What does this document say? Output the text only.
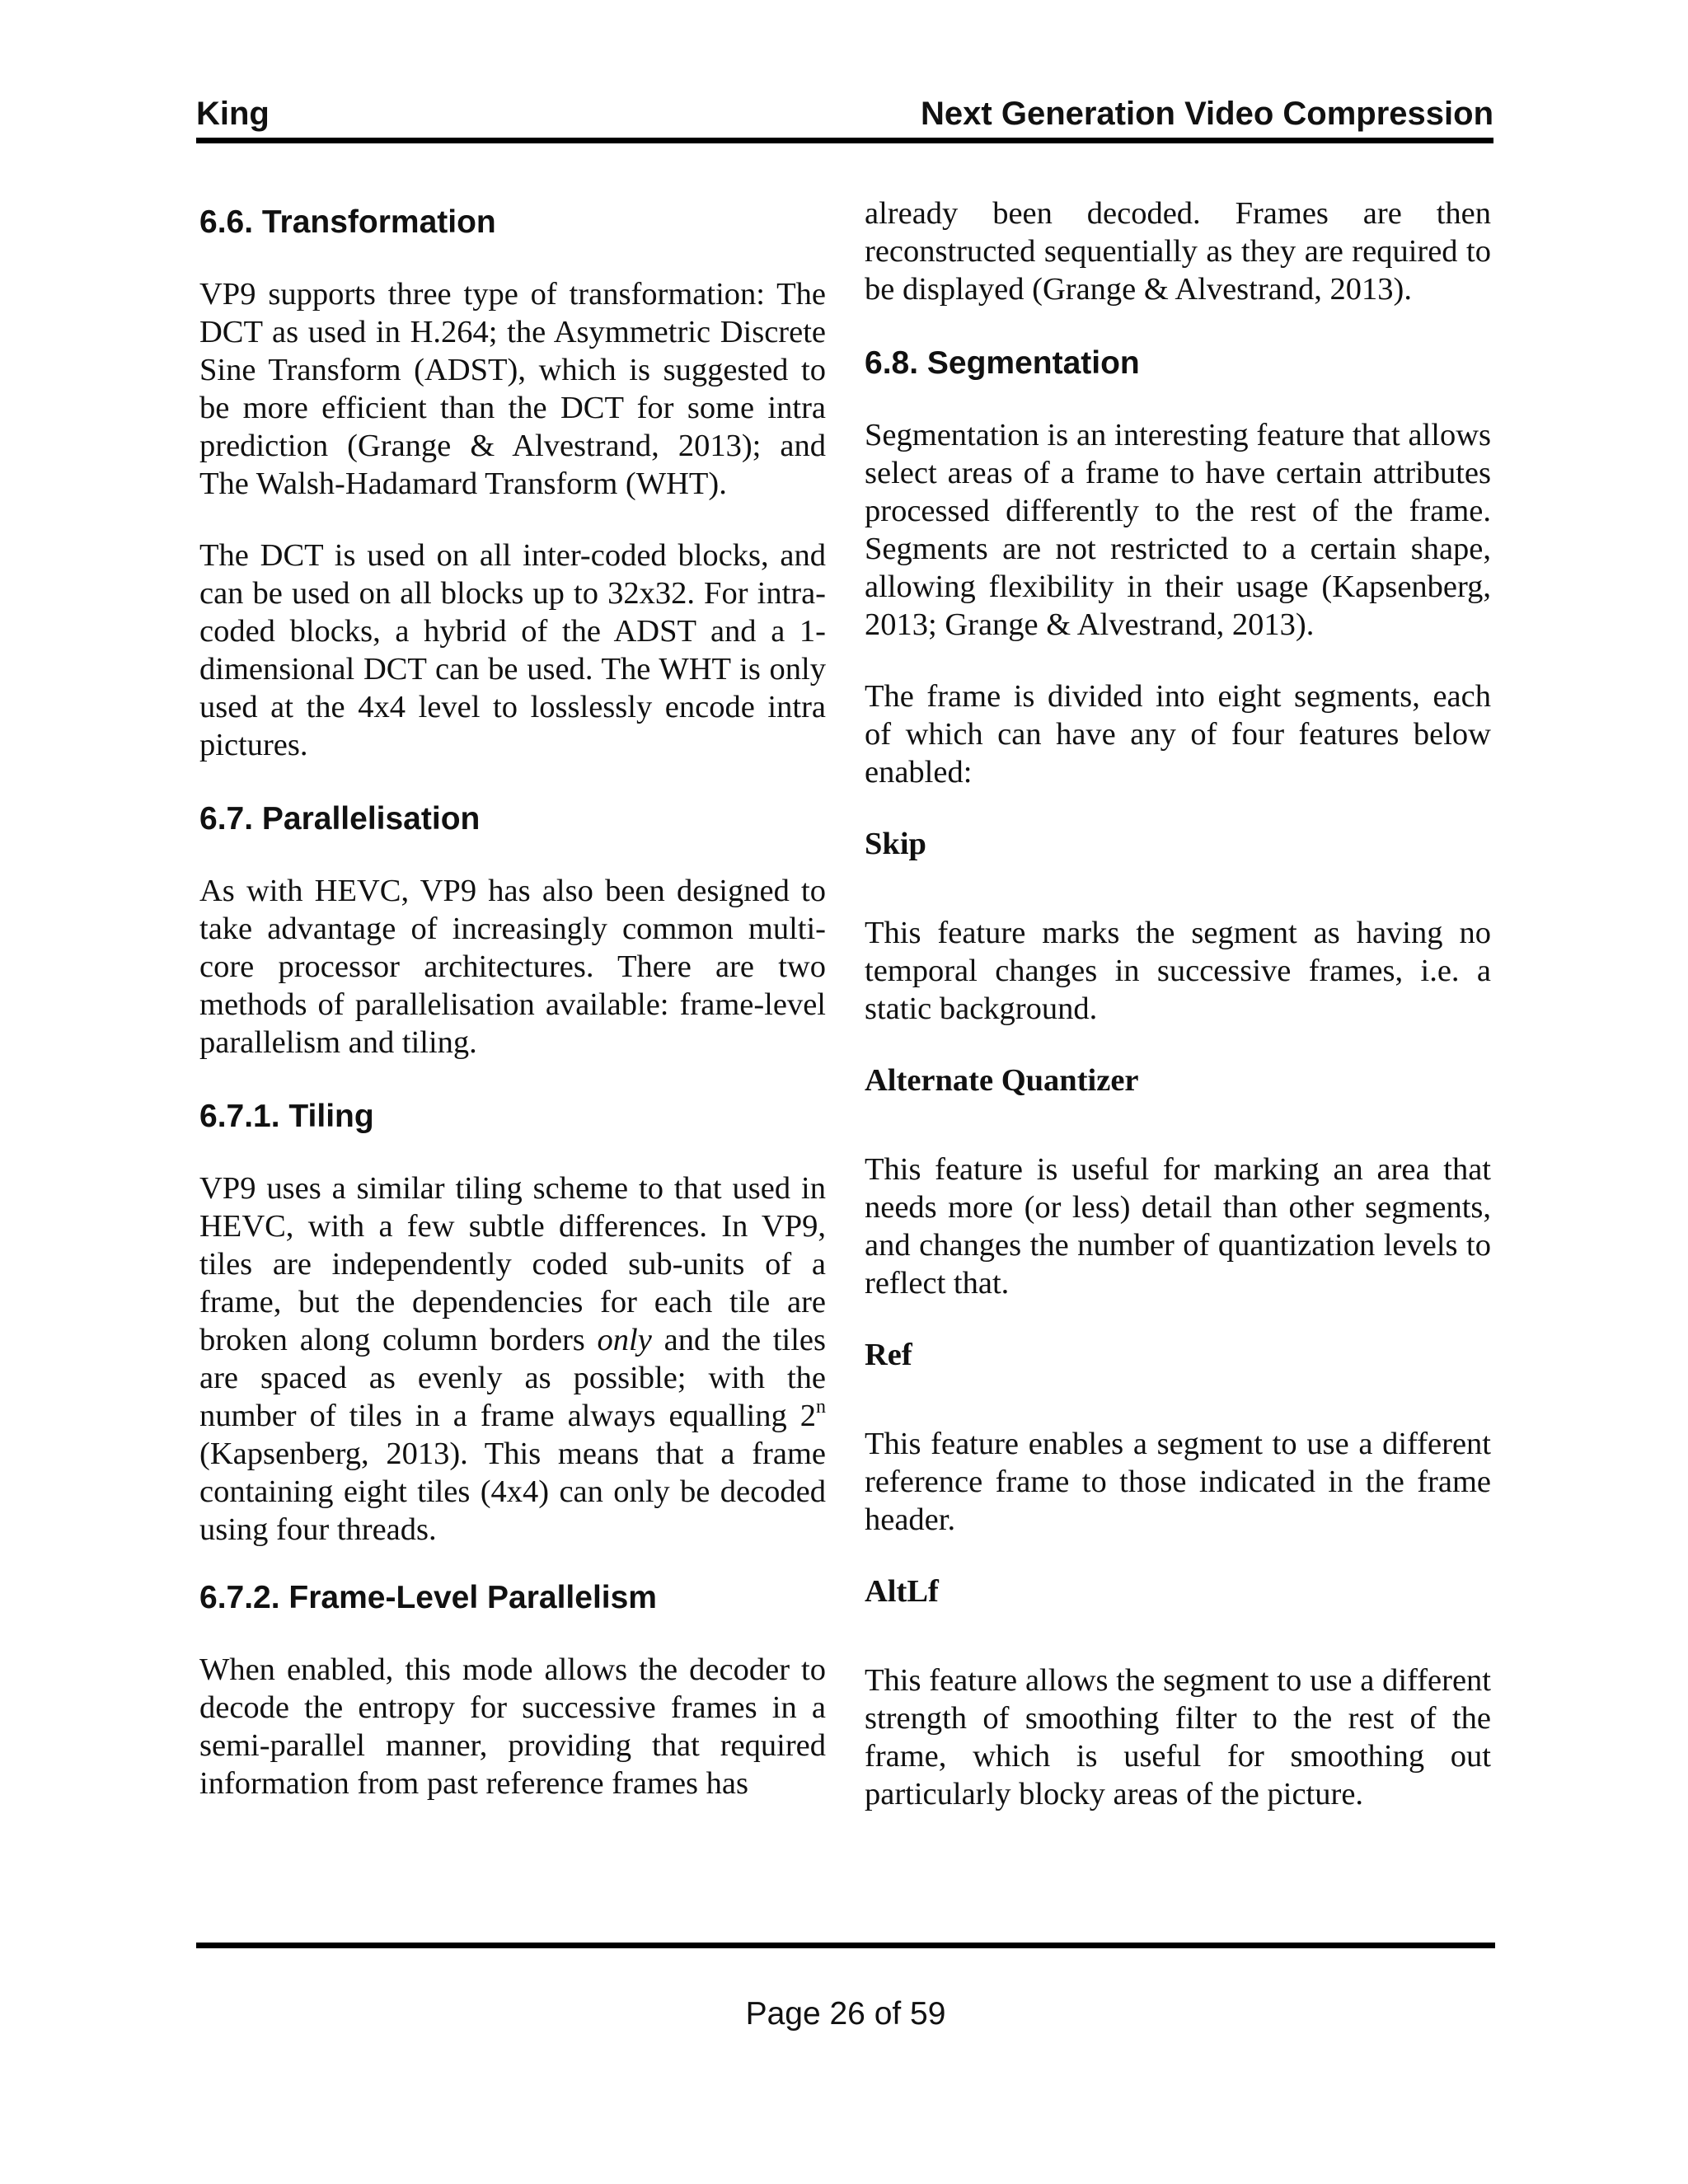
King	Next Generation Video Compression
6.6. Transformation

VP9 supports three type of transformation: The DCT as used in H.264; the Asymmetric Discrete Sine Transform (ADST), which is suggested to be more efficient than the DCT for some intra prediction (Grange & Alvestrand, 2013); and The Walsh-Hadamard Transform (WHT).

The DCT is used on all inter-coded blocks, and can be used on all blocks up to 32x32. For intra-coded blocks, a hybrid of the ADST and a 1-dimensional DCT can be used. The WHT is only used at the 4x4 level to losslessly encode intra pictures.

6.7. Parallelisation

As with HEVC, VP9 has also been designed to take advantage of increasingly common multi-core processor architectures. There are two methods of parallelisation available: frame-level parallelism and tiling.

6.7.1. Tiling

VP9 uses a similar tiling scheme to that used in HEVC, with a few subtle differences. In VP9, tiles are independently coded sub-units of a frame, but the dependencies for each tile are broken along column borders only and the tiles are spaced as evenly as possible; with the number of tiles in a frame always equalling 2$^n$ (Kapsenberg, 2013). This means that a frame containing eight tiles (4x4) can only be decoded using four threads.

6.7.2. Frame-Level Parallelism

When enabled, this mode allows the decoder to decode the entropy for successive frames in a semi-parallel manner, providing that required information from past reference frames has

already been decoded. Frames are then reconstructed sequentially as they are required to be displayed (Grange & Alvestrand, 2013).

6.8. Segmentation

Segmentation is an interesting feature that allows select areas of a frame to have certain attributes processed differently to the rest of the frame. Segments are not restricted to a certain shape, allowing flexibility in their usage (Kapsenberg, 2013; Grange & Alvestrand, 2013).

The frame is divided into eight segments, each of which can have any of four features below enabled:

Skip

This feature marks the segment as having no temporal changes in successive frames, i.e. a static background.

Alternate Quantizer

This feature is useful for marking an area that needs more (or less) detail than other segments, and changes the number of quantization levels to reflect that.

Ref

This feature enables a segment to use a different reference frame to those indicated in the frame header.

AltLf

This feature allows the segment to use a different strength of smoothing filter to the rest of the frame, which is useful for smoothing out particularly blocky areas of the picture.

Page 26 of 59
